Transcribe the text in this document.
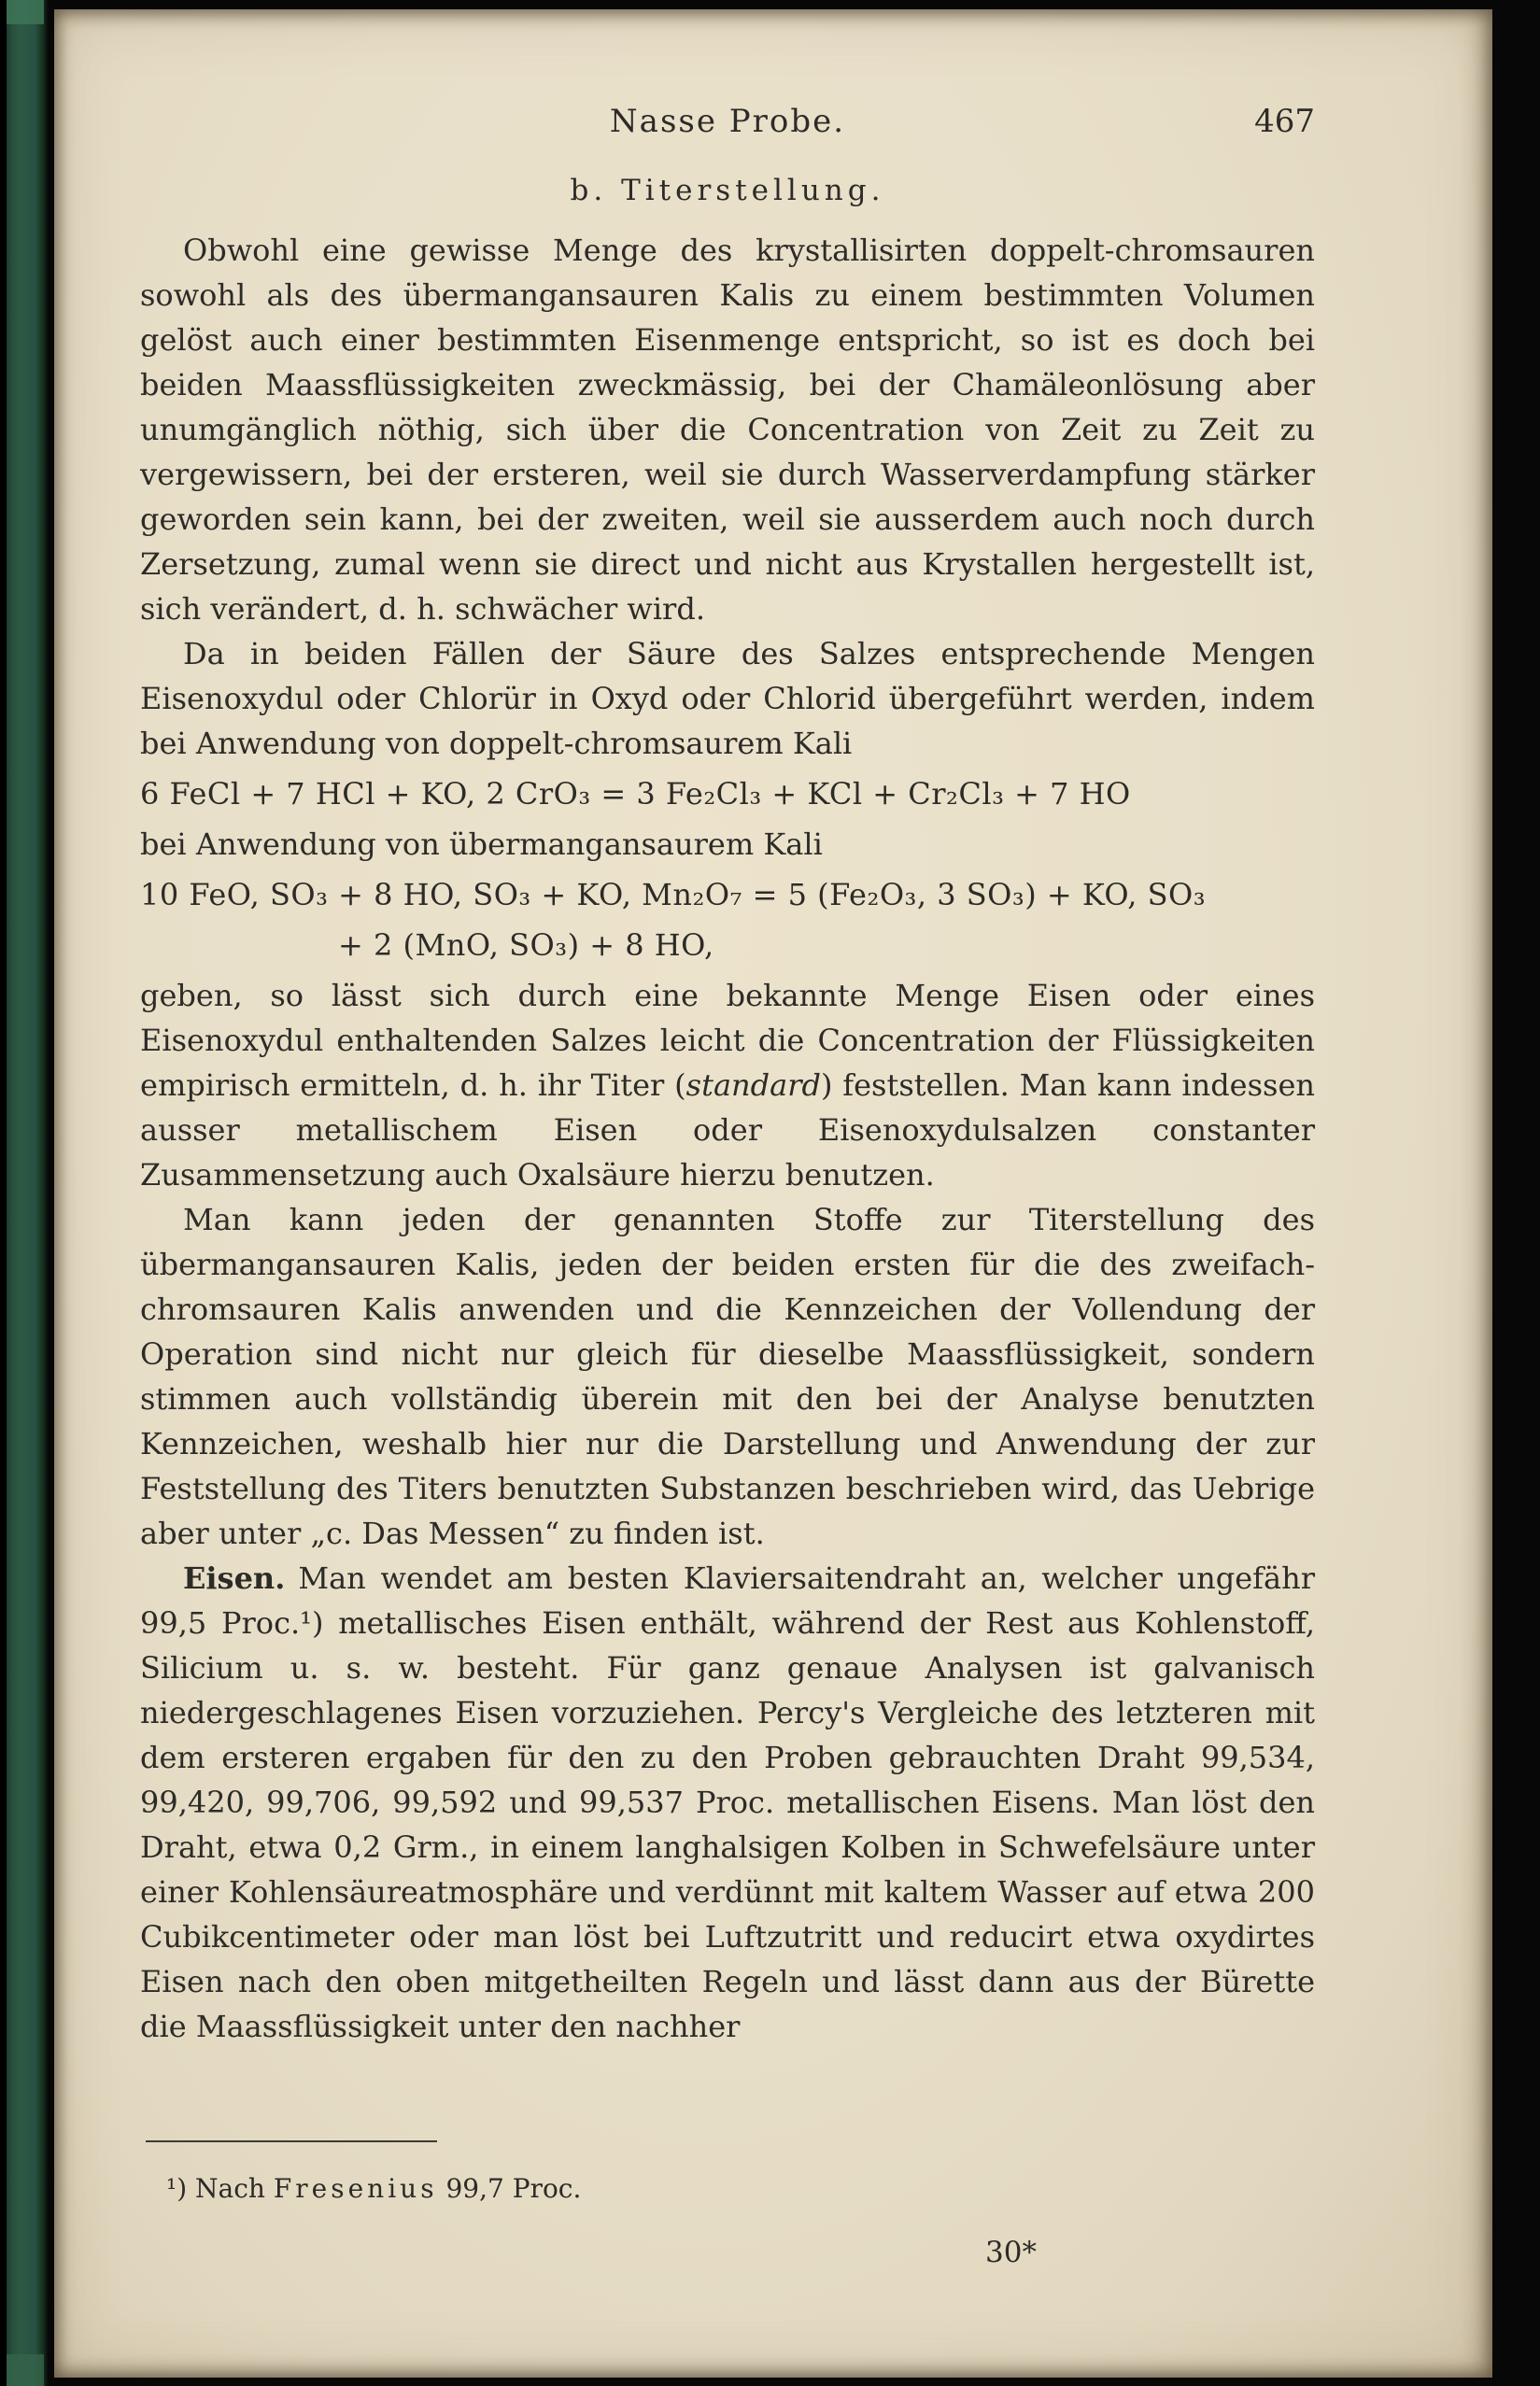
Nasse Probe.	467
b. Titerstellung.

Obwohl eine gewisse Menge des krystallisirten doppelt-chromsauren sowohl als des übermangansauren Kalis zu einem bestimmten Volumen gelöst auch einer bestimmten Eisenmenge entspricht, so ist es doch bei beiden Maassflüssigkeiten zweckmässig, bei der Chamäleonlösung aber unumgänglich nöthig, sich über die Concentration von Zeit zu Zeit zu vergewissern, bei der ersteren, weil sie durch Wasserverdampfung stärker geworden sein kann, bei der zweiten, weil sie ausserdem auch noch durch Zersetzung, zumal wenn sie direct und nicht aus Krystallen hergestellt ist, sich verändert, d. h. schwächer wird.

Da in beiden Fällen der Säure des Salzes entsprechende Mengen Eisenoxydul oder Chlorür in Oxyd oder Chlorid übergeführt werden, indem bei Anwendung von doppelt-chromsaurem Kali

6 FeCl + 7 HCl + KO, 2 CrO₃ = 3 Fe₂Cl₃ + KCl + Cr₂Cl₃ + 7 HO

bei Anwendung von übermangansaurem Kali

10 FeO, SO₃ + 8 HO, SO₃ + KO, Mn₂O₇ = 5 (Fe₂O₃, 3 SO₃) + KO, SO₃
+ 2 (MnO, SO₃) + 8 HO,

geben, so lässt sich durch eine bekannte Menge Eisen oder eines Eisenoxydul enthaltenden Salzes leicht die Concentration der Flüssigkeiten empirisch ermitteln, d. h. ihr Titer (standard) feststellen. Man kann indessen ausser metallischem Eisen oder Eisenoxydulsalzen constanter Zusammensetzung auch Oxalsäure hierzu benutzen.

Man kann jeden der genannten Stoffe zur Titerstellung des übermangansauren Kalis, jeden der beiden ersten für die des zweifach-chromsauren Kalis anwenden und die Kennzeichen der Vollendung der Operation sind nicht nur gleich für dieselbe Maassflüssigkeit, sondern stimmen auch vollständig überein mit den bei der Analyse benutzten Kennzeichen, weshalb hier nur die Darstellung und Anwendung der zur Feststellung des Titers benutzten Substanzen beschrieben wird, das Uebrige aber unter „c. Das Messen“ zu finden ist.

Eisen. Man wendet am besten Klaviersaitendraht an, welcher ungefähr 99,5 Proc.¹) metallisches Eisen enthält, während der Rest aus Kohlenstoff, Silicium u. s. w. besteht. Für ganz genaue Analysen ist galvanisch niedergeschlagenes Eisen vorzuziehen. Percy's Vergleiche des letzteren mit dem ersteren ergaben für den zu den Proben gebrauchten Draht 99,534, 99,420, 99,706, 99,592 und 99,537 Proc. metallischen Eisens. Man löst den Draht, etwa 0,2 Grm., in einem langhalsigen Kolben in Schwefelsäure unter einer Kohlensäureatmosphäre und verdünnt mit kaltem Wasser auf etwa 200 Cubikcentimeter oder man löst bei Luftzutritt und reducirt etwa oxydirtes Eisen nach den oben mitgetheilten Regeln und lässt dann aus der Bürette die Maassflüssigkeit unter den nachher

¹) Nach Fresenius 99,7 Proc.
30*
